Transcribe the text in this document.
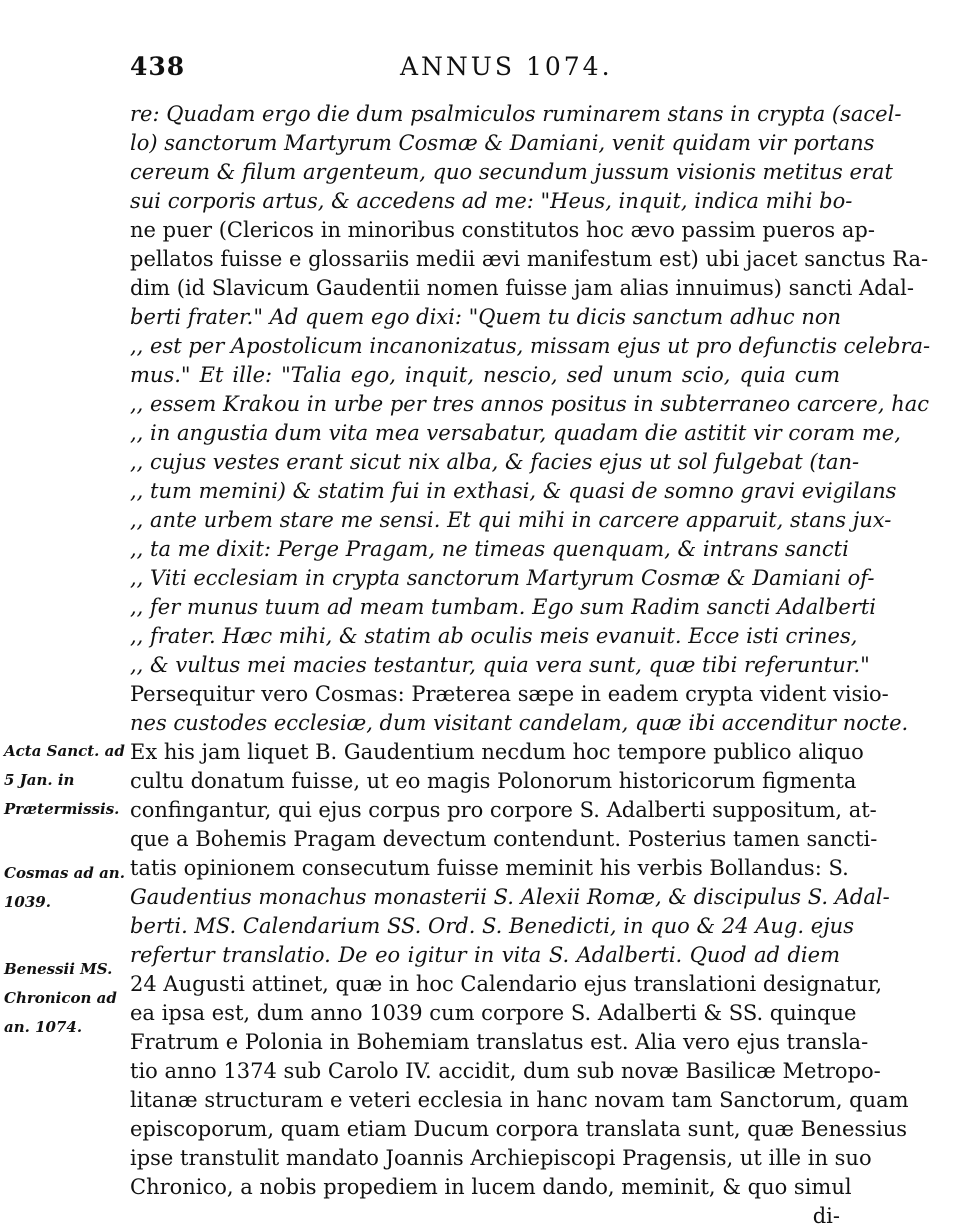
438	ANNUS 1074.
re: Quadam ergo die dum psalmiculos ruminarem stans in crypta (sacel-
lo) sanctorum Martyrum Cosmæ & Damiani, venit quidam vir portans
cereum & filum argenteum, quo secundum jussum visionis metitus erat
sui corporis artus, & accedens ad me: "Heus, inquit, indica mihi bo-
ne puer (Clericos in minoribus constitutos hoc ævo passim pueros ap-
pellatos fuisse e glossariis medii ævi manifestum est) ubi jacet sanctus Ra-
dim (id Slavicum Gaudentii nomen fuisse jam alias innuimus) sancti Adal-
berti frater." Ad quem ego dixi: "Quem tu dicis sanctum adhuc non
,, est per Apostolicum incanonizatus, missam ejus ut pro defunctis celebra-
mus." Et ille: "Talia ego, inquit, nescio, sed unum scio, quia cum
,, essem Krakou in urbe per tres annos positus in subterraneo carcere, hac
,, in angustia dum vita mea versabatur, quadam die astitit vir coram me,
,, cujus vestes erant sicut nix alba, & facies ejus ut sol fulgebat (tan-
,, tum memini) & statim fui in exthasi, & quasi de somno gravi evigilans
,, ante urbem stare me sensi. Et qui mihi in carcere apparuit, stans jux-
,, ta me dixit: Perge Pragam, ne timeas quenquam, & intrans sancti
,, Viti ecclesiam in crypta sanctorum Martyrum Cosmæ & Damiani of-
,, fer munus tuum ad meam tumbam. Ego sum Radim sancti Adalberti
,, frater. Hæc mihi, & statim ab oculis meis evanuit. Ecce isti crines,
,, & vultus mei macies testantur, quia vera sunt, quæ tibi referuntur."
Persequitur vero Cosmas: Præterea sæpe in eadem crypta vident visio-
nes custodes ecclesiæ, dum visitant candelam, quæ ibi accenditur nocte.
Ex his jam liquet B. Gaudentium necdum hoc tempore publico aliquo
cultu donatum fuisse, ut eo magis Polonorum historicorum figmenta
confingantur, qui ejus corpus pro corpore S. Adalberti suppositum, at-
que a Bohemis Pragam devectum contendunt. Posterius tamen sancti-
tatis opinionem consecutum fuisse meminit his verbis Bollandus: S.
Gaudentius monachus monasterii S. Alexii Romæ, & discipulus S. Adal-
berti. MS. Calendarium SS. Ord. S. Benedicti, in quo & 24 Aug. ejus
refertur translatio. De eo igitur in vita S. Adalberti. Quod ad diem
24 Augusti attinet, quæ in hoc Calendario ejus translationi designatur,
ea ipsa est, dum anno 1039 cum corpore S. Adalberti & SS. quinque
Fratrum e Polonia in Bohemiam translatus est. Alia vero ejus transla-
tio anno 1374 sub Carolo IV. accidit, dum sub novæ Basilicæ Metropo-
litanæ structuram e veteri ecclesia in hanc novam tam Sanctorum, quam
episcoporum, quam etiam Ducum corpora translata sunt, quæ Benessius
ipse transtulit mandato Joannis Archiepiscopi Pragensis, ut ille in suo
Chronico, a nobis propediem in lucem dando, meminit, & quo simul
di-
Acta Sanct. ad
5 Jan. in
Prætermissis.
Cosmas ad an.
1039.
Benessii MS.
Chronicon ad
an. 1074.
